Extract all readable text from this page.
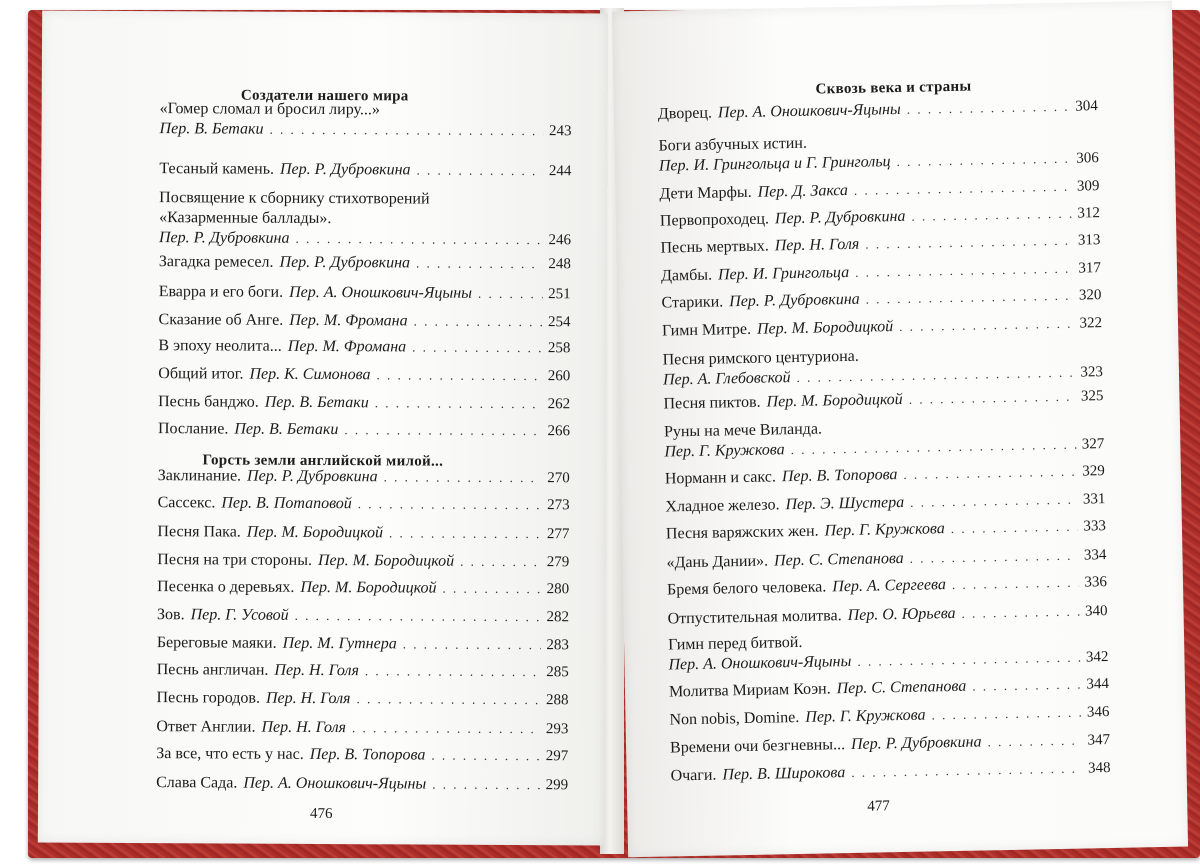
Создатели нашего мира
Горсть земли английской милой...
476
«Гомер сломал и бросил лиру...»
Пер. В. Бетаки . . .	243
Тесаный камень. Пер. Р. Дубровкина . . .	244
Посвящение к сборнику стихотворений
«Казарменные баллады».
Пер. Р. Дубровкина . . .	246
Загадка ремесел. Пер. Р. Дубровкина . . .	248
Еварра и его боги. Пер. А. Оношкович-Яцыны . . .	251
Сказание об Анге. Пер. М. Фромана . . .	254
В эпоху неолита... Пер. М. Фромана . . .	258
Общий итог. Пер. К. Симонова . . .	260
Песнь банджо. Пер. В. Бетаки . . .	262
Послание. Пер. В. Бетаки . . .	266
Заклинание. Пер. Р. Дубровкина . . .	270
Сассекс. Пер. В. Потаповой . . .	273
Песня Пака. Пер. М. Бородицкой . . .	277
Песня на три стороны. Пер. М. Бородицкой . . .	279
Песенка о деревьях. Пер. М. Бородицкой . . .	280
Зов. Пер. Г. Усовой . . .	282
Береговые маяки. Пер. М. Гутнера . . .	283
Песнь англичан. Пер. Н. Голя . . .	285
Песнь городов. Пер. Н. Голя . . .	288
Ответ Англии. Пер. Н. Голя . . .	293
За все, что есть у нас. Пер. В. Топорова . . .	297
Слава Сада. Пер. А. Оношкович-Яцыны . . .	299
Сквозь века и страны
477
Дворец. Пер. А. Оношкович-Яцыны . . .	304
Боги азбучных истин.
Пер. И. Грингольца и Г. Грингольц . . .	306
Дети Марфы. Пер. Д. Закса . . .	309
Первопроходец. Пер. Р. Дубровкина . . .	312
Песнь мертвых. Пер. Н. Голя . . .	313
Дамбы. Пер. И. Грингольца . . .	317
Старики. Пер. Р. Дубровкина . . .	320
Гимн Митре. Пер. М. Бородицкой . . .	322
Песня римского центуриона.
Пер. А. Глебовской . . .	323
Песня пиктов. Пер. М. Бородицкой . . .	325
Руны на мече Виланда.
Пер. Г. Кружкова . . .	327
Норманн и сакс. Пер. В. Топорова . . .	329
Хладное железо. Пер. Э. Шустера . . .	331
Песня варяжских жен. Пер. Г. Кружкова . . .	333
«Дань Дании». Пер. С. Степанова . . .	334
Бремя белого человека. Пер. А. Сергеева . . .	336
Отпустительная молитва. Пер. О. Юрьева . . .	340
Гимн перед битвой.
Пер. А. Оношкович-Яцыны . . .	342
Молитва Мириам Коэн. Пер. С. Степанова . . .	344
Non nobis, Domine. Пер. Г. Кружкова . . .	346
Времени очи безгневны... Пер. Р. Дубровкина . . .	347
Очаги. Пер. В. Широкова . . .	348
